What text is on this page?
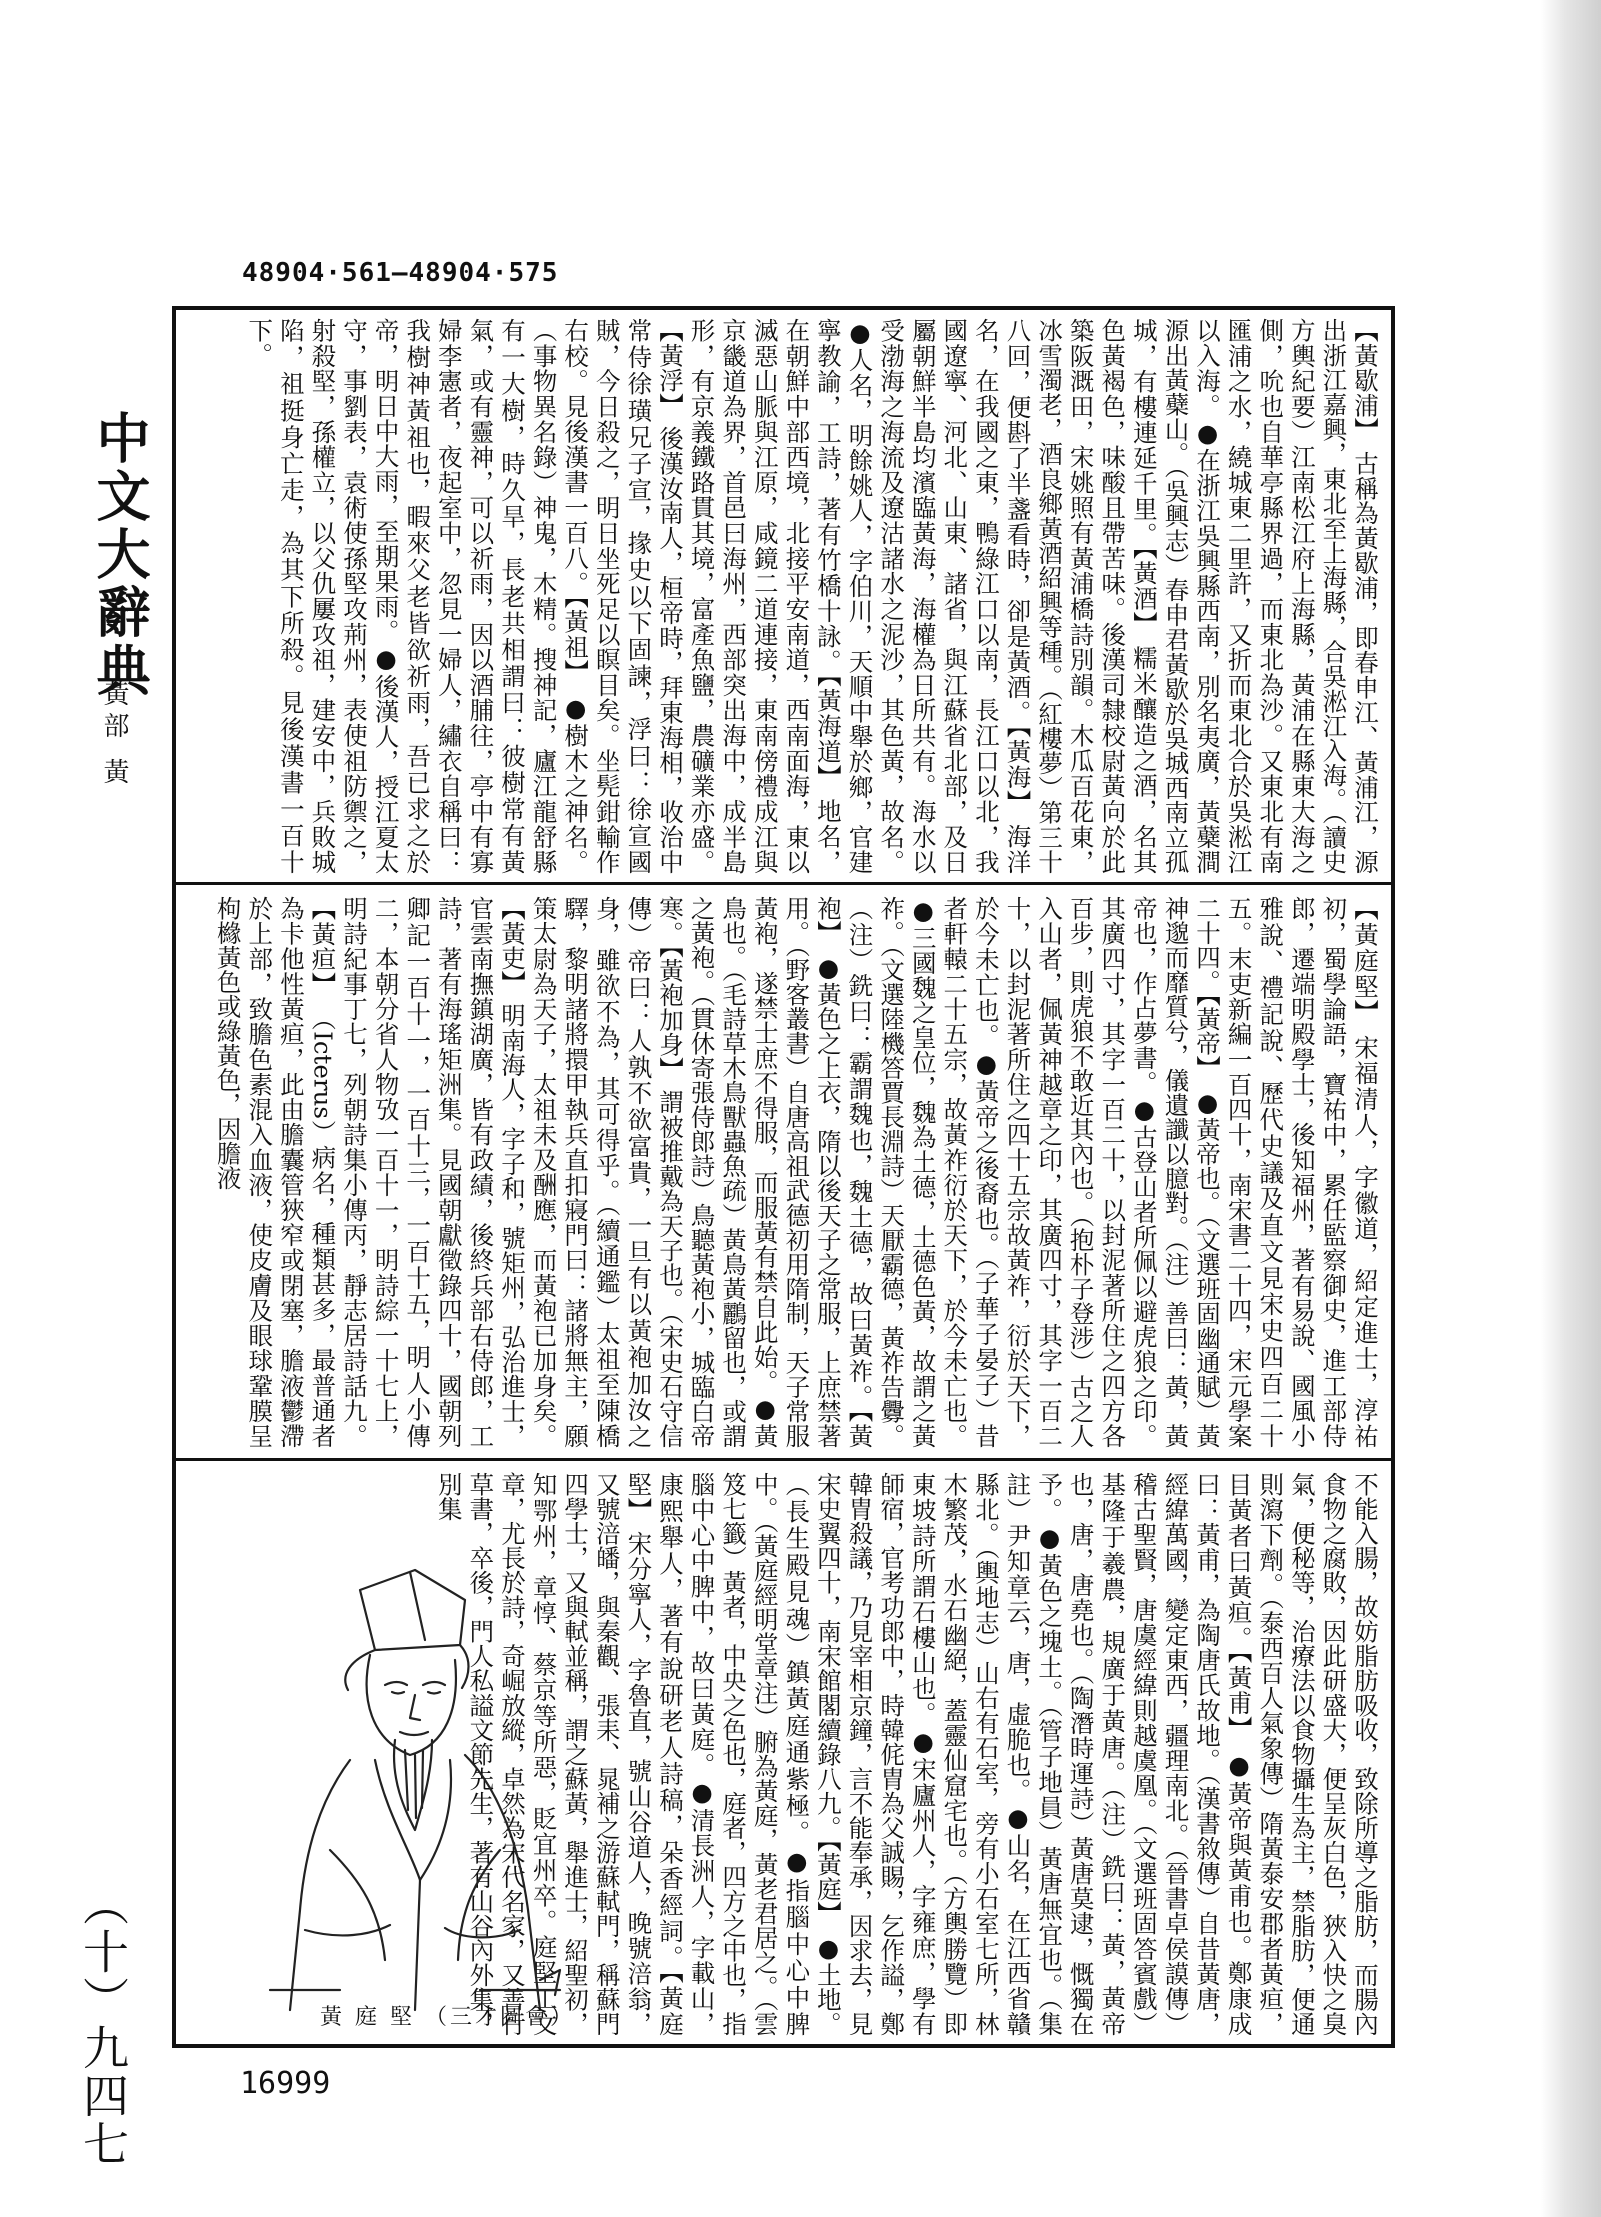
48904·561—48904·575
中文大辭典
黃部 黃
（十）九四七
【黃歇浦】 古稱為黃歇浦，即春申江、黃浦江，源出浙江嘉興，東北至上海縣，合吳淞江入海。（讀史方輿紀要）江南松江府上海縣，黃浦在縣東大海之側，吮也自華亭縣界過，而東北為沙。又東北有南匯浦之水，繞城東二里許，又折而東北合於吳淞江以入海。●在浙江吳興縣西南，別名夷廣，黃蘗澗源出黃蘗山。（吳興志）春申君黃歇於吳城西南立孤城，有樓連延千里。【黃酒】 糯米釀造之酒，名其色黃褐色，味酸且帶苦味。後漢司隸校尉黃向於此築阪溉田，宋姚照有黃浦橋詩別韻。木瓜百花東，冰雪濁老，酒良鄉黃酒紹興等種。（紅樓夢）第三十八回，便斟了半盞看時，卻是黃酒。【黃海】 海洋名，在我國之東，鴨綠江口以南，長江口以北，我國遼寧、河北、山東、諸省，與江蘇省北部，及日屬朝鮮半島均濱臨黃海，海權為日所共有。海水以受渤海之海流及遼沽諸水之泥沙，其色黃，故名。●人名，明餘姚人，字伯川，天順中舉於鄉，官建寧教諭，工詩，著有竹橋十詠。【黃海道】 地名，在朝鮮中部西境，北接平安南道，西南面海，東以滅惡山脈與江原，咸鏡二道連接，東南傍禮成江與京畿道為界，首邑曰海州，西部突出海中，成半島形，有京義鐵路貫其境，富產魚鹽，農礦業亦盛。【黃浮】 後漢汝南人，桓帝時，拜東海相，收治中常侍徐璜兄子宣，掾史以下固諫，浮曰：徐宣國賊，今日殺之，明日坐死足以瞑目矣。坐髡鉗輸作右校。見後漢書一百八。【黃祖】 ●樹木之神名。（事物異名錄）神鬼，木精。搜神記，廬江龍舒縣有一大樹，時久旱，長老共相謂曰：彼樹常有黃氣，或有靈神，可以祈雨，因以酒脯往，亭中有寡婦李憲者，夜起室中，忽見一婦人，繡衣自稱曰：我樹神黃祖也，暇來父老皆欲祈雨，吾已求之於帝，明日中大雨，至期果雨。●後漢人，授江夏太守，事劉表，袁術使孫堅攻荊州，表使祖防禦之，射殺堅，孫權立，以父仇屢攻祖，建安中，兵敗城陷，祖挺身亡走，為其下所殺。見後漢書一百十下。
【黃庭堅】 宋福清人，字徽道，紹定進士，淳祐初，蜀學論語，寶祐中，累任監察御史，進工部侍郎，遷端明殿學士，後知福州，著有易說、國風小雅說、禮記說、歷代史議及直文見宋史四百二十五。末吏新編一百四十，南宋書二十四，宋元學案二十四。【黃帝】 ●黃帝也。（文選班固幽通賦）黃神邈而靡質兮，儀遺讖以臆對。（注）善曰：黃，黃帝也，作占夢書。●古登山者所佩以避虎狼之印。其廣四寸，其字一百二十，以封泥著所住之四方各百步，則虎狼不敢近其內也。（抱朴子登涉）古之人入山者，佩黃神越章之印，其廣四寸，其字一百二十，以封泥著所住之四十五宗故黃祚，衍於天下，於今未亡也。●黃帝之後裔也。（子華子晏子）昔者軒轅二十五宗，故黃祚衍於天下，於今未亡也。●三國魏之皇位，魏為土德，土德色黃，故謂之黃祚。（文選陸機答賈長淵詩）天厭霸德，黃祚告釁。（注）銑曰：霸謂魏也，魏土德，故曰黃祚。【黃袍】 ●黃色之上衣，隋以後天子之常服，上庶禁著用。（野客叢書）自唐高祖武德初用隋制，天子常服黃袍，遂禁士庶不得服，而服黃有禁自此始。●黃鳥也。（毛詩草木鳥獸蟲魚疏）黃鳥黃鸝留也，或謂之黃袍。（貫休寄張侍郎詩）鳥聽黃袍小，城臨白帝寒。【黃袍加身】 謂被推戴為天子也。（宋史石守信傳）帝曰：人孰不欲富貴，一旦有以黃袍加汝之身，雖欲不為，其可得乎。（續通鑑）太祖至陳橋驛，黎明諸將擐甲執兵直扣寢門曰：諸將無主，願策太尉為天子，太祖未及酬應，而黃袍已加身矣。【黃吏】 明南海人，字子和，號矩州，弘治進士，官雲南撫鎮湖廣，皆有政績，後終兵部右侍郎，工詩，著有海瑤矩洲集。見國朝獻徵錄四十，國朝列卿記一百十一，一百十三，一百十五，明人小傳二，本朝分省人物攷一百十一，明詩綜一十七上，明詩紀事丁七，列朝詩集小傳丙，靜志居詩話九。【黃疸】 （Icterus）病名，種類甚多，最普通者為卡他性黃疸，此由膽囊管狹窄或閉塞，膽液鬱滯於上部，致膽色素混入血液，使皮膚及眼球鞏膜呈枸櫞黃色或綠黃色，因膽液
不能入腸，故妨脂肪吸收，致除所導之脂肪，而腸內食物之腐敗，因此研盛大，便呈灰白色，狹入快之臭氣，便秘等，治療法以食物攝生為主，禁脂肪，便通則瀉下劑。（泰西百人氣象傳）隋黃泰安郡者黃疸，目黃者曰黃疸。【黃甫】 ●黃帝與黃甫也。鄭康成曰：黃甫，為陶唐氏故地。（漢書敘傳）自昔黃唐，經緯萬國，變定東西，疆理南北。（晉書卓侯謨傳）稽古聖賢，唐虞經緯則越虞凰。（文選班固答賓戲）基隆于羲農，規廣于黃唐。（注）銑曰：黃，黃帝也，唐，唐堯也。（陶潛時運詩）黃唐莫逮，慨獨在予。●黃色之塊土。（管子地員）黃唐無宜也。（集註）尹知章云，唐，虛脆也。●山名，在江西省贛縣北。（輿地志）山右有石室，旁有小石室七所，林木繁茂，水石幽絕，蓋靈仙窟宅也。（方輿勝覽）即東坡詩所謂石樓山也。●宋廬州人，字雍庶，學有師宿，官考功郎中，時韓侂胄為父誠賜，乞作謚，鄭韓胄殺議，乃見宰相京鐘，言不能奉承，因求去，見宋史翼四十，南宋館閣續錄八九。【黃庭】 ●土地。（長生殿見魂）鎮黃庭通紫極。●指腦中心中脾中。（黃庭經明堂章注）腑為黃庭，黃老君居之。（雲笈七籤）黃者，中央之色也，庭者，四方之中也，指腦中心中脾中，故曰黃庭。●清長洲人，字載山，康熙舉人，著有說研老人詩稿，朵香經詞。【黃庭堅】 宋分寧人，字魯直，號山谷道人，晚號涪翁，又號涪皤，與秦觀、張耒、晁補之游蘇軾門，稱蘇門四學士，又與軾並稱，謂之蘇黃，舉進士，紹聖初，知鄂州，章惇、蔡京等所惡，貶宜州卒。庭堅工文章，尤長於詩，奇崛放縱，卓然為宋代名家，又善行草書，卒後，門人私謚文節先生，著有山谷內外集，別集
黃 庭 堅 （三才圖會）
16999
